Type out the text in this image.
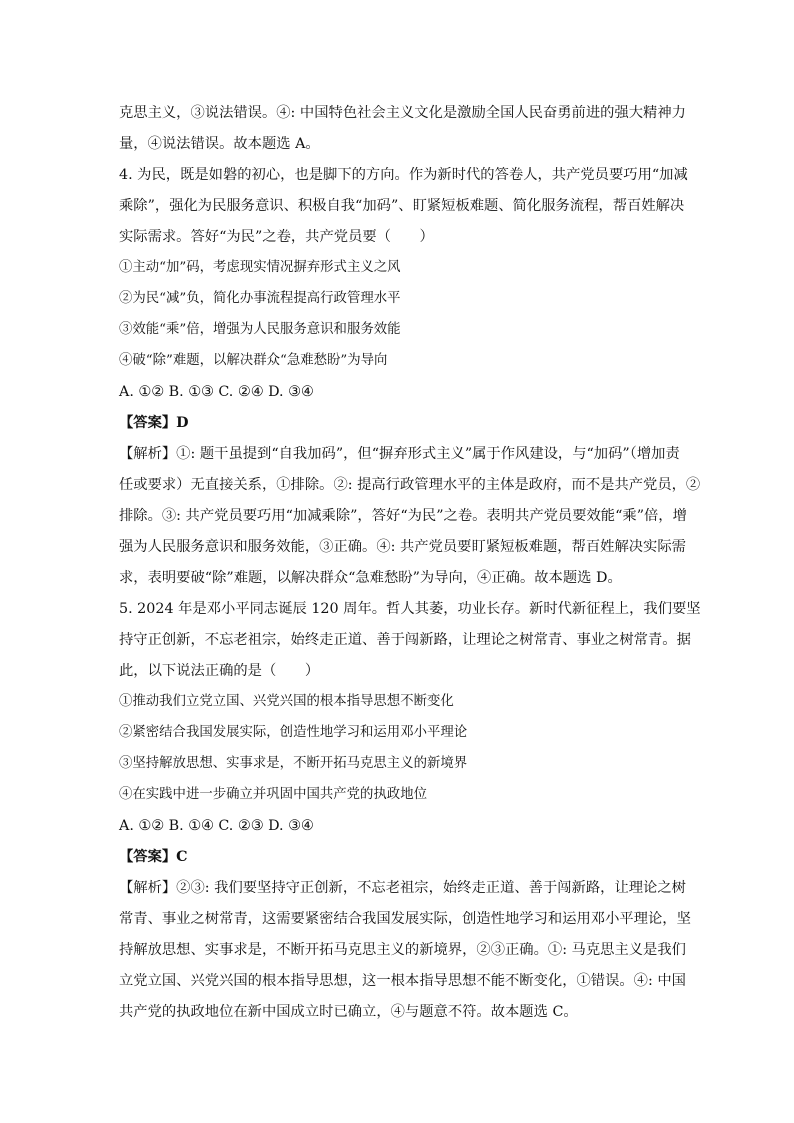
克思主义，③说法错误。④: 中国特色社会主义文化是激励全国人民奋勇前进的强大精神力
量，④说法错误。故本题选 A。
4. 为民，既是如磐的初心，也是脚下的方向。作为新时代的答卷人，共产党员要巧用“加减
乘除”，强化为民服务意识、积极自我“加码”、盯紧短板难题、简化服务流程，帮百姓解决
实际需求。答好“为民”之卷，共产党员要（　　）
①主动“加”码，考虑现实情况摒弃形式主义之风
②为民“减”负，简化办事流程提高行政管理水平
③效能“乘”倍，增强为人民服务意识和服务效能
④破“除”难题，以解决群众“急难愁盼”为导向
A. ①② B. ①③ C. ②④ D. ③④
【答案】D
【解析】①: 题干虽提到“自我加码”，但“摒弃形式主义”属于作风建设，与“加码”（增加责
任或要求）无直接关系，①排除。②: 提高行政管理水平的主体是政府，而不是共产党员，②
排除。③: 共产党员要巧用“加减乘除”，答好“为民”之卷。表明共产党员要效能“乘”倍，增
强为人民服务意识和服务效能，③正确。④: 共产党员要盯紧短板难题，帮百姓解决实际需
求，表明要破“除”难题，以解决群众“急难愁盼”为导向，④正确。故本题选 D。
5. 2024 年是邓小平同志诞辰 120 周年。哲人其萎，功业长存。新时代新征程上，我们要坚
持守正创新，不忘老祖宗，始终走正道、善于闯新路，让理论之树常青、事业之树常青。据
此，以下说法正确的是（　　）
①推动我们立党立国、兴党兴国的根本指导思想不断变化
②紧密结合我国发展实际，创造性地学习和运用邓小平理论
③坚持解放思想、实事求是，不断开拓马克思主义的新境界
④在实践中进一步确立并巩固中国共产党的执政地位
A. ①② B. ①④ C. ②③ D. ③④
【答案】C
【解析】②③: 我们要坚持守正创新，不忘老祖宗，始终走正道、善于闯新路，让理论之树
常青、事业之树常青，这需要紧密结合我国发展实际，创造性地学习和运用邓小平理论，坚
持解放思想、实事求是，不断开拓马克思主义的新境界，②③正确。①: 马克思主义是我们
立党立国、兴党兴国的根本指导思想，这一根本指导思想不能不断变化，①错误。④: 中国
共产党的执政地位在新中国成立时已确立，④与题意不符。故本题选 C。
